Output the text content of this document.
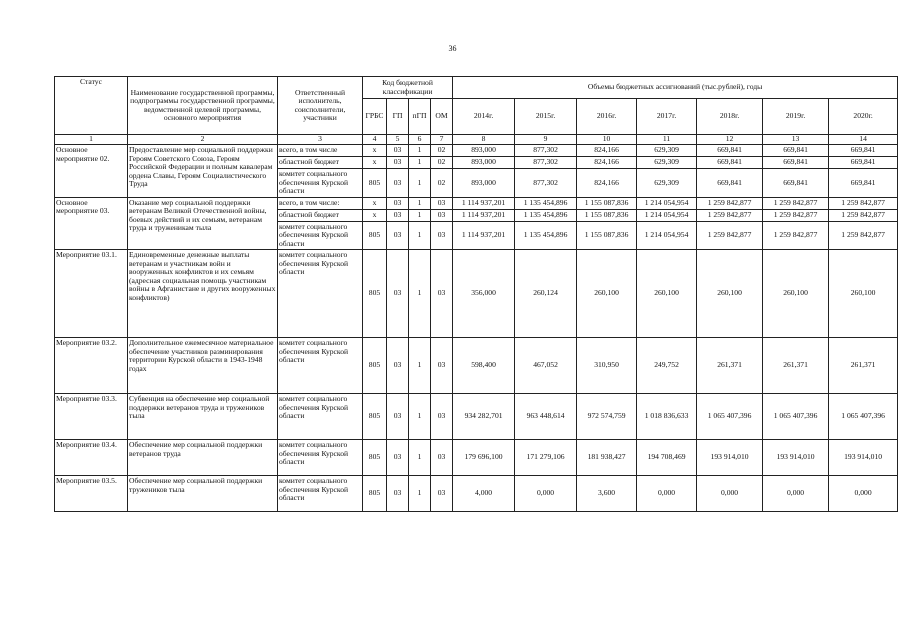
36
Статус	Наименование государственной программы, подпрограммы государственной программы, ведомственной целевой программы, основного мероприятия	Ответственный исполнитель, соисполнители, участники	Код бюджетной классификации				Объемы бюджетных ассигнований (тыс.рублей), годы						
			ГРБС	ГП	пГП	ОМ	2014г.	2015г.	2016г.	2017г.	2018г.	2019г.	2020г.
1	2	3	4	5	6	7	8	9	10	11	12	13	14
Основное мероприятие 02.	Предоставление мер социальной поддержки Героям Советского Союза, Героям Российской Федерации и полным кавалерам ордена Славы, Героям Социалистического Труда	всего, в том числе	х	03	1	02	893,000	877,302	824,166	629,309	669,841	669,841	669,841
		областной бюджет	х	03	1	02	893,000	877,302	824,166	629,309	669,841	669,841	669,841
		комитет социального обеспечения Курской области	805	03	1	02	893,000	877,302	824,166	629,309	669,841	669,841	669,841
Основное мероприятие 03.	Оказание мер социальной поддержки ветеранам Великой Отечественной войны, боевых действий и их семьям, ветеранам труда и труженикам тыла	всего, в том числе:	х	03	1	03	1 114 937,201	1 135 454,896	1 155 087,836	1 214 054,954	1 259 842,877	1 259 842,877	1 259 842,877
		областной бюджет	х	03	1	03	1 114 937,201	1 135 454,896	1 155 087,836	1 214 054,954	1 259 842,877	1 259 842,877	1 259 842,877
		комитет социального обеспечения Курской области	805	03	1	03	1 114 937,201	1 135 454,896	1 155 087,836	1 214 054,954	1 259 842,877	1 259 842,877	1 259 842,877
Мероприятие 03.1.	Единовременные денежные выплаты ветеранам и участникам войн и вооруженных конфликтов и их семьям (адресная социальная помощь участникам войны в Афганистане и других вооруженных конфликтов)	комитет социального обеспечения Курской области	805	03	1	03	356,000	260,124	260,100	260,100	260,100	260,100	260,100
Мероприятие 03.2.	Дополнительное ежемесячное материальное обеспечение участников разминирования территории Курской области в 1943-1948 годах	комитет социального обеспечения Курской области	805	03	1	03	598,400	467,052	310,950	249,752	261,371	261,371	261,371
Мероприятие 03.3.	Субвенция на обеспечение мер социальной поддержки ветеранов труда и тружеников тыла	комитет социального обеспечения Курской области	805	03	1	03	934 282,701	963 448,614	972 574,759	1 018 836,633	1 065 407,396	1 065 407,396	1 065 407,396
Мероприятие 03.4.	Обеспечение мер социальной поддержки ветеранов труда	комитет социального обеспечения Курской области	805	03	1	03	179 696,100	171 279,106	181 938,427	194 708,469	193 914,010	193 914,010	193 914,010
Мероприятие 03.5.	Обеспечение мер социальной поддержки тружеников тыла	комитет социального обеспечения Курской области	805	03	1	03	4,000	0,000	3,600	0,000	0,000	0,000	0,000
